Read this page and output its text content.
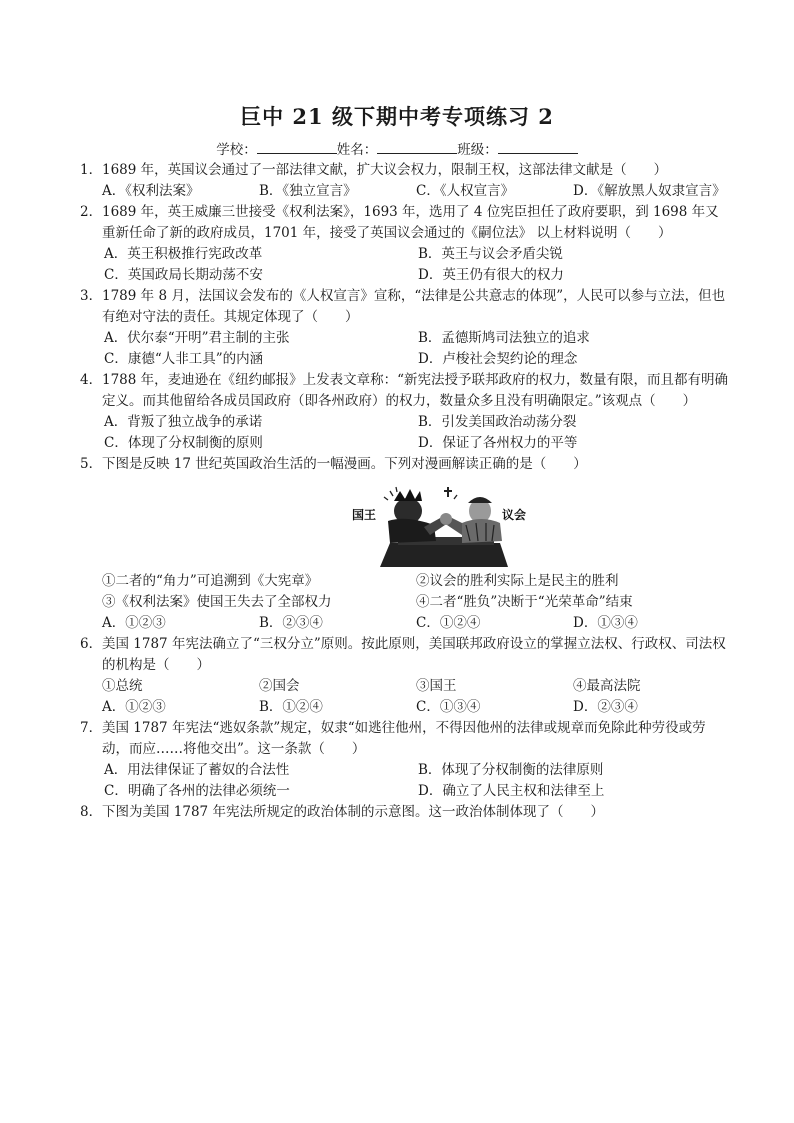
巨中 21 级下期中考专项练习 2
学校：	姓名：	班级：
1． 1689 年，英国议会通过了一部法律文献，扩大议会权力，限制王权，这部法律文献是（　　）
A．《权利法案》	B．《独立宣言》	C．《人权宣言》	D．《解放黑人奴隶宣言》
2． 1689 年，英王威廉三世接受《权利法案》，1693 年，选用了 4 位宪臣担任了政府要职，到 1698 年又重新任命了新的政府成员，1701 年，接受了英国议会通过的《嗣位法》 以上材料说明（　　）
A．英王积极推行宪政改革	B．英王与议会矛盾尖锐
C．英国政局长期动荡不安	D．英王仍有很大的权力
3． 1789 年 8 月，法国议会发布的《人权宣言》宣称，“法律是公共意志的体现”，人民可以参与立法，但也有绝对守法的责任。其规定体现了（　　）
A．伏尔泰“开明”君主制的主张	B．孟德斯鸠司法独立的追求
C．康德“人非工具”的内涵	D．卢梭社会契约论的理念
4． 1788 年，麦迪逊在《纽约邮报》上发表文章称：“新宪法授予联邦政府的权力，数量有限，而且都有明确定义。而其他留给各成员国政府（即各州政府）的权力，数量众多且没有明确限定。”该观点（　　）
A．背叛了独立战争的承诺	B．引发美国政治动荡分裂
C．体现了分权制衡的原则	D．保证了各州权力的平等
5． 下图是反映 17 世纪英国政治生活的一幅漫画。下列对漫画解读正确的是（　　）
国王	议会
①二者的“角力”可追溯到《大宪章》	②议会的胜利实际上是民主的胜利
③《权利法案》使国王失去了全部权力	④二者“胜负”决断于“光荣革命”结束
A．①②③	B．②③④	C．①②④	D．①③④
6． 美国 1787 年宪法确立了“三权分立”原则。按此原则，美国联邦政府设立的掌握立法权、行政权、司法权的机构是（　　）
①总统	②国会	③国王	④最高法院
A．①②③	B．①②④	C．①③④	D．②③④
7． 美国 1787 年宪法“逃奴条款”规定，奴隶“如逃往他州，不得因他州的法律或规章而免除此种劳役或劳动，而应……将他交出”。这一条款（　　）
A．用法律保证了蓄奴的合法性	B．体现了分权制衡的法律原则
C．明确了各州的法律必须统一	D．确立了人民主权和法律至上
8． 下图为美国 1787 年宪法所规定的政治体制的示意图。这一政治体制体现了（　　）
